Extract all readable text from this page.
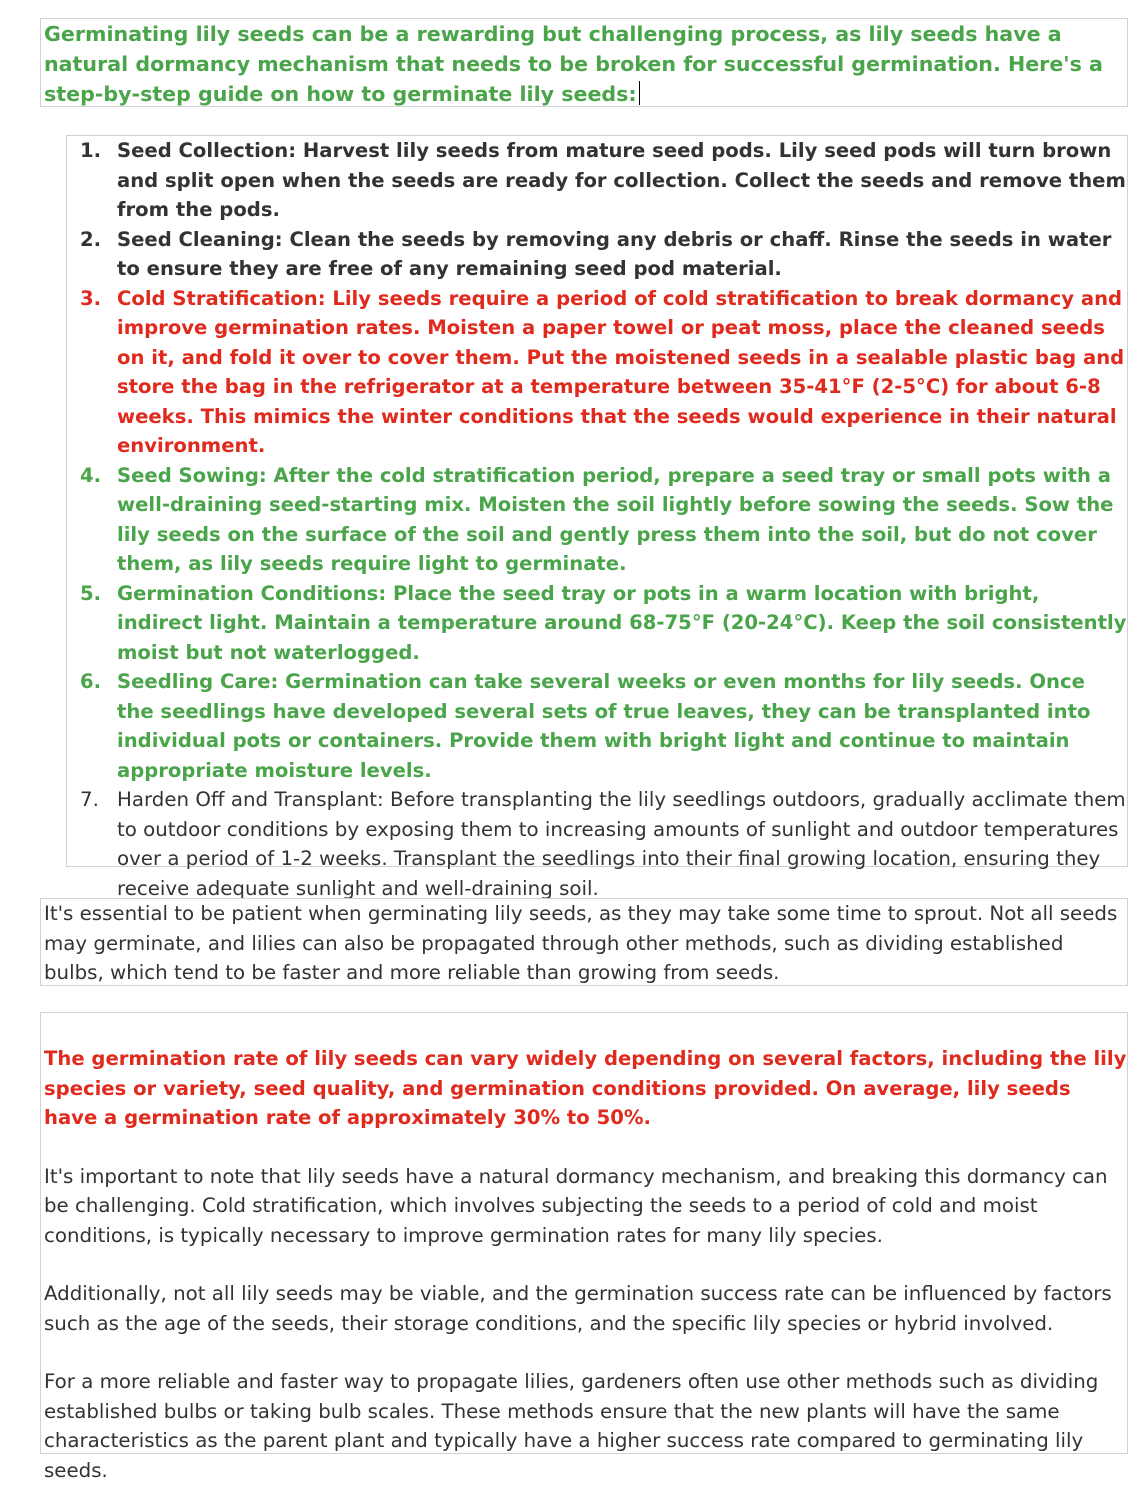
Germinating lily seeds can be a rewarding but challenging process, as lily seeds have a natural dormancy mechanism that needs to be broken for successful germination. Here's a step-by-step guide on how to germinate lily seeds:

1. Seed Collection: Harvest lily seeds from mature seed pods. Lily seed pods will turn brown and split open when the seeds are ready for collection. Collect the seeds and remove them from the pods.
2. Seed Cleaning: Clean the seeds by removing any debris or chaff. Rinse the seeds in water to ensure they are free of any remaining seed pod material.
3. Cold Stratification: Lily seeds require a period of cold stratification to break dormancy and improve germination rates. Moisten a paper towel or peat moss, place the cleaned seeds on it, and fold it over to cover them. Put the moistened seeds in a sealable plastic bag and store the bag in the refrigerator at a temperature between 35-41°F (2-5°C) for about 6-8 weeks. This mimics the winter conditions that the seeds would experience in their natural environment.
4. Seed Sowing: After the cold stratification period, prepare a seed tray or small pots with a well-draining seed-starting mix. Moisten the soil lightly before sowing the seeds. Sow the lily seeds on the surface of the soil and gently press them into the soil, but do not cover them, as lily seeds require light to germinate.
5. Germination Conditions: Place the seed tray or pots in a warm location with bright, indirect light. Maintain a temperature around 68-75°F (20-24°C). Keep the soil consistently moist but not waterlogged.
6. Seedling Care: Germination can take several weeks or even months for lily seeds. Once the seedlings have developed several sets of true leaves, they can be transplanted into individual pots or containers. Provide them with bright light and continue to maintain appropriate moisture levels.
7. Harden Off and Transplant: Before transplanting the lily seedlings outdoors, gradually acclimate them to outdoor conditions by exposing them to increasing amounts of sunlight and outdoor temperatures over a period of 1-2 weeks. Transplant the seedlings into their final growing location, ensuring they receive adequate sunlight and well-draining soil.

It's essential to be patient when germinating lily seeds, as they may take some time to sprout. Not all seeds may germinate, and lilies can also be propagated through other methods, such as dividing established bulbs, which tend to be faster and more reliable than growing from seeds.

The germination rate of lily seeds can vary widely depending on several factors, including the lily species or variety, seed quality, and germination conditions provided. On average, lily seeds have a germination rate of approximately 30% to 50%.

It's important to note that lily seeds have a natural dormancy mechanism, and breaking this dormancy can be challenging. Cold stratification, which involves subjecting the seeds to a period of cold and moist conditions, is typically necessary to improve germination rates for many lily species.

Additionally, not all lily seeds may be viable, and the germination success rate can be influenced by factors such as the age of the seeds, their storage conditions, and the specific lily species or hybrid involved.

For a more reliable and faster way to propagate lilies, gardeners often use other methods such as dividing established bulbs or taking bulb scales. These methods ensure that the new plants will have the same characteristics as the parent plant and typically have a higher success rate compared to germinating lily seeds.
